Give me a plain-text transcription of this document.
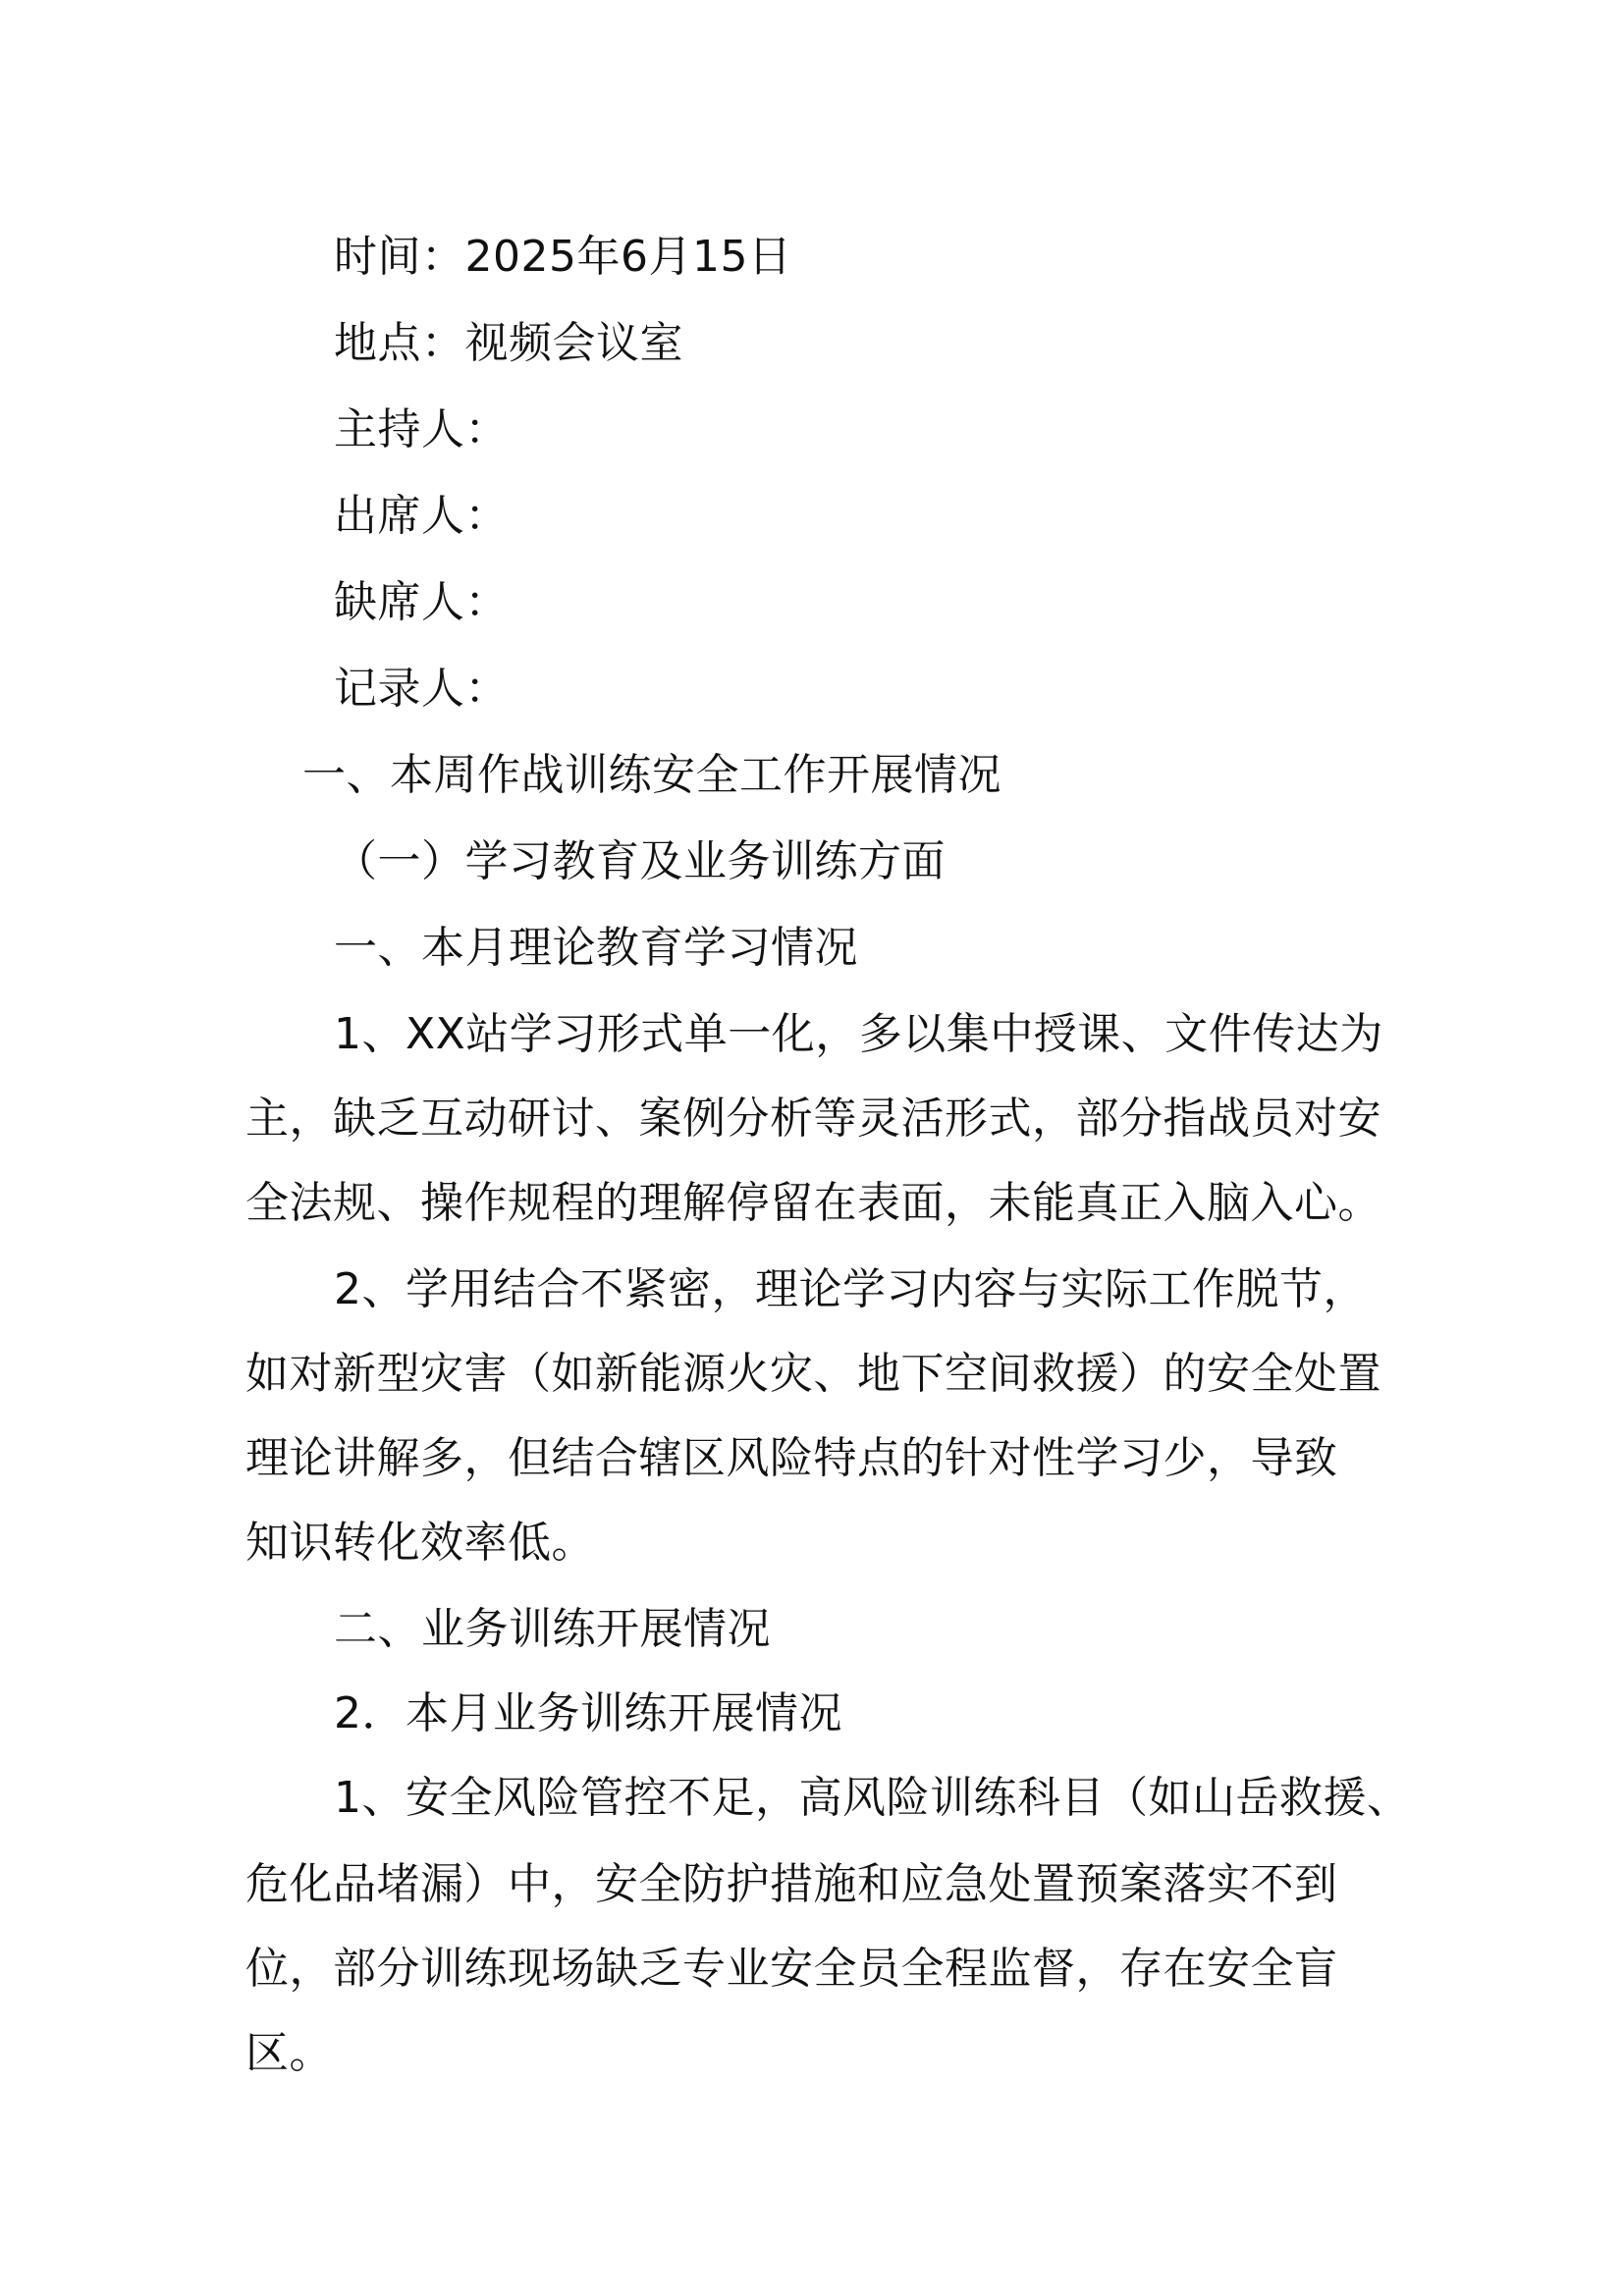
时间：2025年6月15日
地点：视频会议室
主持人：
出席人：
缺席人：
记录人：
一、本周作战训练安全工作开展情况
（一）学习教育及业务训练方面
一、本月理论教育学习情况
1、XX站学习形式单一化，多以集中授课、文件传达为
主，缺乏互动研讨、案例分析等灵活形式，部分指战员对安
全法规、操作规程的理解停留在表面，未能真正入脑入心。
2、学用结合不紧密，理论学习内容与实际工作脱节，
如对新型灾害（如新能源火灾、地下空间救援）的安全处置
理论讲解多，但结合辖区风险特点的针对性学习少，导致
知识转化效率低。
二、业务训练开展情况
2．本月业务训练开展情况
1、安全风险管控不足，高风险训练科目（如山岳救援、
危化品堵漏）中，安全防护措施和应急处置预案落实不到
位，部分训练现场缺乏专业安全员全程监督，存在安全盲
区。
